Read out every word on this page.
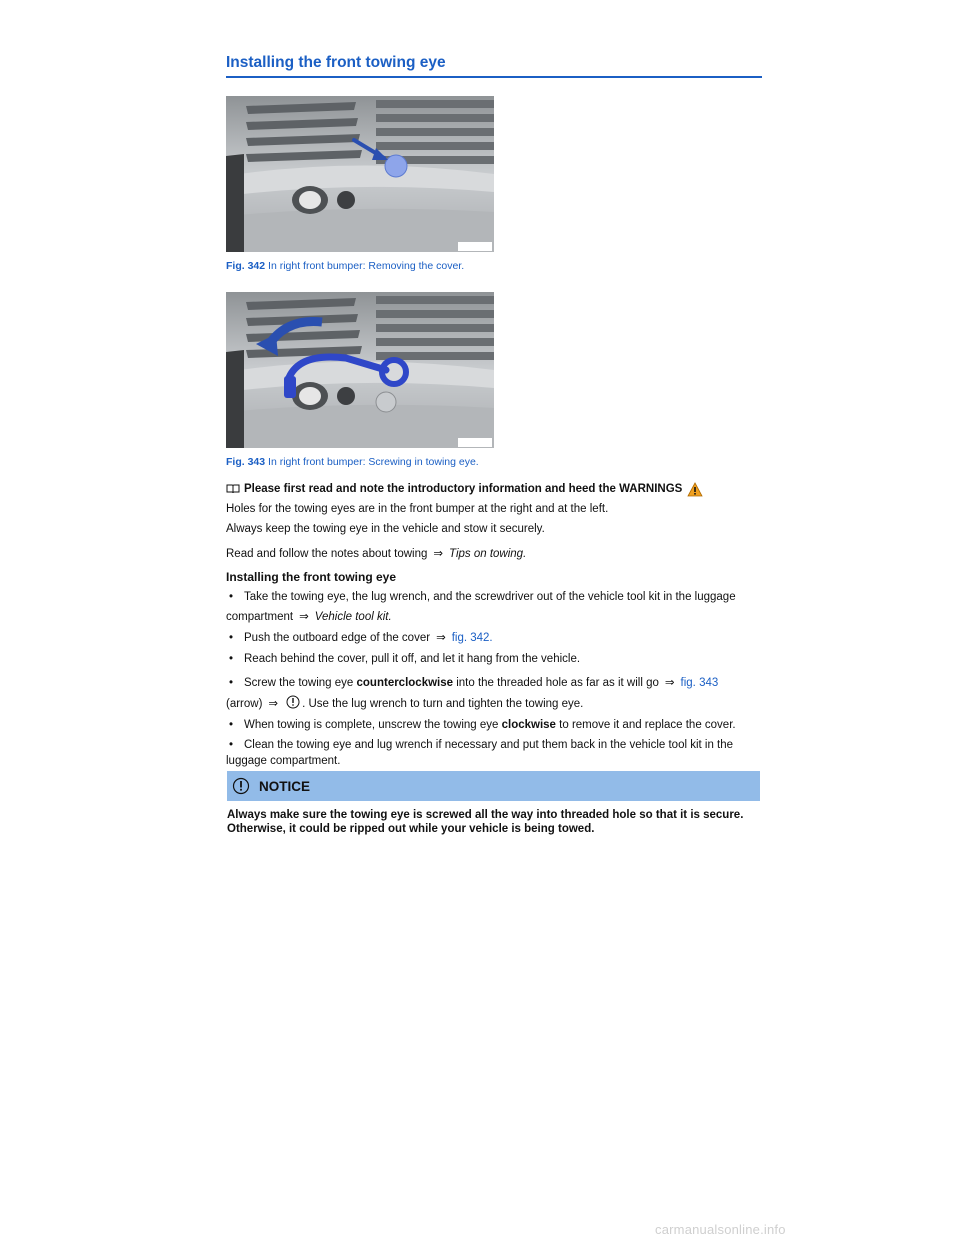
Installing the front towing eye
Fig. 342 In right front bumper: Removing the cover.
Fig. 343 In right front bumper: Screwing in towing eye.
Please first read and note the introductory information and heed the WARNINGS
Holes for the towing eyes are in the front bumper at the right and at the left.
Always keep the towing eye in the vehicle and stow it securely.
Read and follow the notes about towing ⇒ Tips on towing.
Installing the front towing eye
• Take the towing eye, the lug wrench, and the screwdriver out of the vehicle tool kit in the luggage
compartment ⇒ Vehicle tool kit.
• Push the outboard edge of the cover ⇒ fig. 342.
• Reach behind the cover, pull it off, and let it hang from the vehicle.
• Screw the towing eye counterclockwise into the threaded hole as far as it will go ⇒ fig. 343
(arrow) ⇒ . Use the lug wrench to turn and tighten the towing eye.
• When towing is complete, unscrew the towing eye clockwise to remove it and replace the cover.
• Clean the towing eye and lug wrench if necessary and put them back in the vehicle tool kit in the
luggage compartment.
NOTICE
Always make sure the towing eye is screwed all the way into threaded hole so that it is secure. Otherwise, it could be ripped out while your vehicle is being towed.
carmanualsonline.info
